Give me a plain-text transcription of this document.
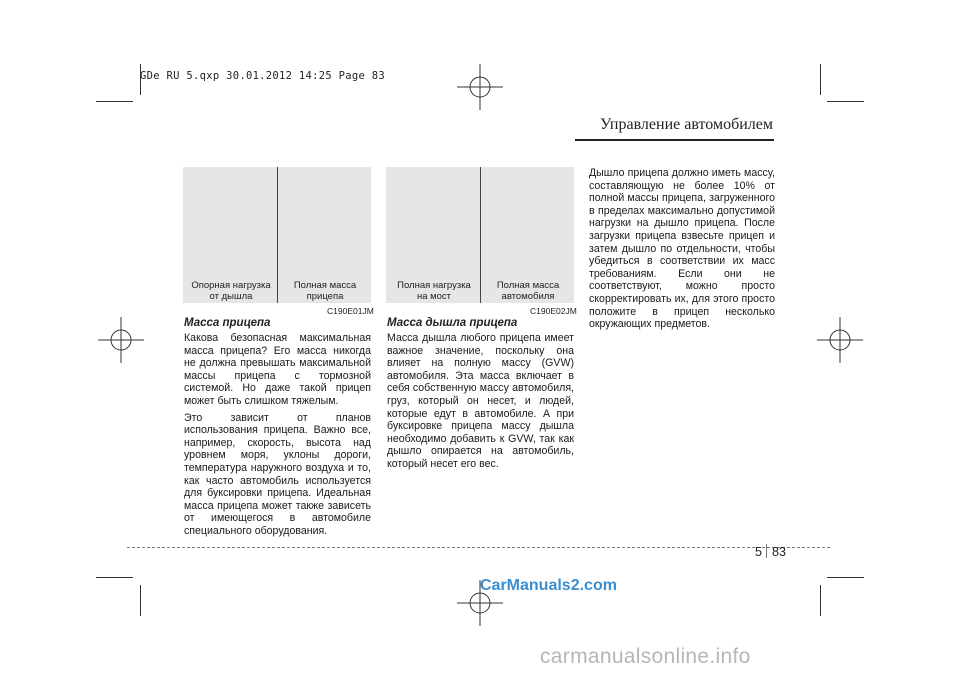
GDe RU 5.qxp 30.01.2012 14:25 Page 83
Управление автомобилем
Опорная нагрузка
от дышла
Полная масса
прицепа
C190E01JM
Полная нагрузка
на мост
Полная масса
автомобиля
C190E02JM
Масса прицепа

Какова безопасная максимальная масса прицепа? Его масса никогда не должна превышать максимальной массы прицепа с тормозной системой. Но даже такой прицеп может быть слишком тяжелым.

Это зависит от планов использования прицепа. Важно все, например, скорость, высота над уровнем моря, уклоны дороги, температура наружного воздуха и то, как часто автомобиль используется для буксировки прицепа. Идеальная масса прицепа может также зависеть от имеющегося в автомобиле специального оборудования.

Масса дышла прицепа

Масса дышла любого прицепа имеет важное значение, поскольку она влияет на полную массу (GVW) автомобиля. Эта масса включает в себя собственную массу автомобиля, груз, который он несет, и людей, которые едут в автомобиле. А при буксировке прицепа массу дышла необходимо добавить к GVW, так как дышло опирается на автомобиль, который несет его вес.

Дышло прицепа должно иметь массу, составляющую не более 10% от полной массы прицепа, загруженного в пределах максимально допустимой нагрузки на дышло прицепа. После загрузки прицепа взвесьте прицеп и затем дышло по отдельности, чтобы убедиться в соответствии их масс требованиям. Если они не соответствуют, можно просто скорректировать их, для этого просто положите в прицеп несколько окружающих предметов.

5 83
CarManuals2.com
carmanualsonline.info
